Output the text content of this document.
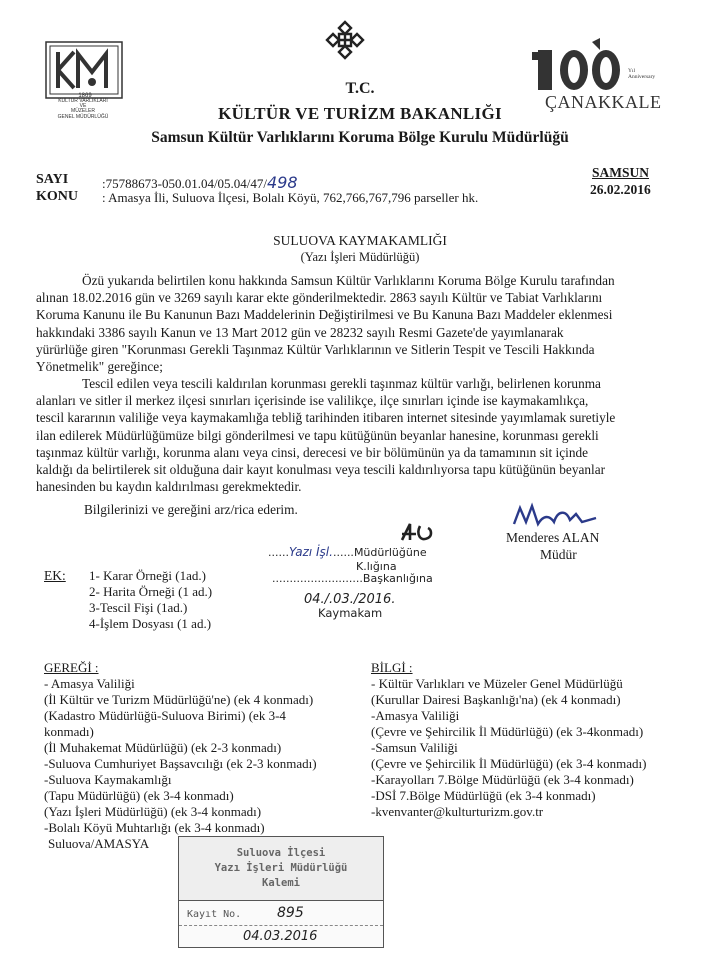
1869
KÜLTÜR VARLIKLARI
VE
MÜZELER
GENEL MÜDÜRLÜĞÜ
Yıl
Anniversary
ÇANAKKALE
T.C.
KÜLTÜR VE TURİZM BAKANLIĞI
Samsun Kültür Varlıklarını Koruma Bölge Kurulu Müdürlüğü
SAYI	:75788673-050.01.04/05.04/47/498
KONU : Amasya İli, Suluova İlçesi, Bolalı Köyü, 762,766,767,796 parseller hk.
SAMSUN
26.02.2016
SULUOVA KAYMAKAMLIĞI
(Yazı İşleri Müdürlüğü)
Özü yukarıda belirtilen konu hakkında Samsun Kültür Varlıklarını Koruma Bölge Kurulu tarafından
alınan 18.02.2016 gün ve 3269 sayılı karar ekte gönderilmektedir. 2863 sayılı Kültür ve Tabiat Varlıklarını
Koruma Kanunu ile Bu Kanunun Bazı Maddelerinin Değiştirilmesi ve Bu Kanuna Bazı Maddeler eklenmesi
hakkındaki 3386 sayılı Kanun ve 13 Mart 2012 gün ve 28232 sayılı Resmi Gazete'de yayımlanarak
yürürlüğe giren "Korunması Gerekli Taşınmaz Kültür Varlıklarının ve Sitlerin Tespit ve Tescili Hakkında
Yönetmelik" gereğince;
Tescil edilen veya tescili kaldırılan korunması gerekli taşınmaz kültür varlığı, belirlenen korunma
alanları ve sitler il merkez ilçesi sınırları içerisinde ise valilikçe, ilçe sınırları içinde ise kaymakamlıkça,
tescil kararının valiliğe veya kaymakamlığa tebliğ tarihinden itibaren internet sitesinde yayımlamak suretiyle
ilan edilerek Müdürlüğümüze bilgi gönderilmesi ve tapu kütüğünün beyanlar hanesine, korunması gerekli
taşınmaz kültür varlığı, korunma alanı veya cinsi, derecesi ve bir bölümünün ya da tamamının sit içinde
kaldığı da belirtilerek sit olduğuna dair kayıt konulması veya tescili kaldırılıyorsa tapu kütüğünün beyanlar
hanesinden bu kaydın kaldırılması gerekmektedir.
Bilgilerinizi ve gereğini arz/rica ederim.
Menderes ALAN
Müdür
......Yazı İşl.......Müdürlüğüne
K.lığına
..........................Başkanlığına
04./.03./2016.
Kaymakam
EK: 1- Karar Örneği (1ad.)
2- Harita Örneği (1 ad.)
3-Tescil Fişi (1ad.)
4-İşlem Dosyası (1 ad.)
GEREĞİ :
- Amasya Valiliği
(İl Kültür ve Turizm Müdürlüğü'ne) (ek 4 konmadı)
(Kadastro Müdürlüğü-Suluova Birimi) (ek 3-4
konmadı)
(İl Muhakemat Müdürlüğü) (ek 2-3 konmadı)
-Suluova Cumhuriyet Başsavcılığı (ek 2-3 konmadı)
-Suluova Kaymakamlığı
(Tapu Müdürlüğü) (ek 3-4 konmadı)
(Yazı İşleri Müdürlüğü) (ek 3-4 konmadı)
-Bolalı Köyü Muhtarlığı (ek 3-4 konmadı)
Suluova/AMASYA
BİLGİ :
- Kültür Varlıkları ve Müzeler Genel Müdürlüğü
(Kurullar Dairesi Başkanlığı'na) (ek 4 konmadı)
-Amasya Valiliği
(Çevre ve Şehircilik İl Müdürlüğü) (ek 3-4konmadı)
-Samsun Valiliği
(Çevre ve Şehircilik İl Müdürlüğü) (ek 3-4 konmadı)
-Karayolları 7.Bölge Müdürlüğü (ek 3-4 konmadı)
-DSİ 7.Bölge Müdürlüğü (ek 3-4 konmadı)
-kvenvanter@kulturturizm.gov.tr
Suluova İlçesi
Yazı İşleri Müdürlüğü
Kalemi
Kayıt No.	895
04.03.2016
